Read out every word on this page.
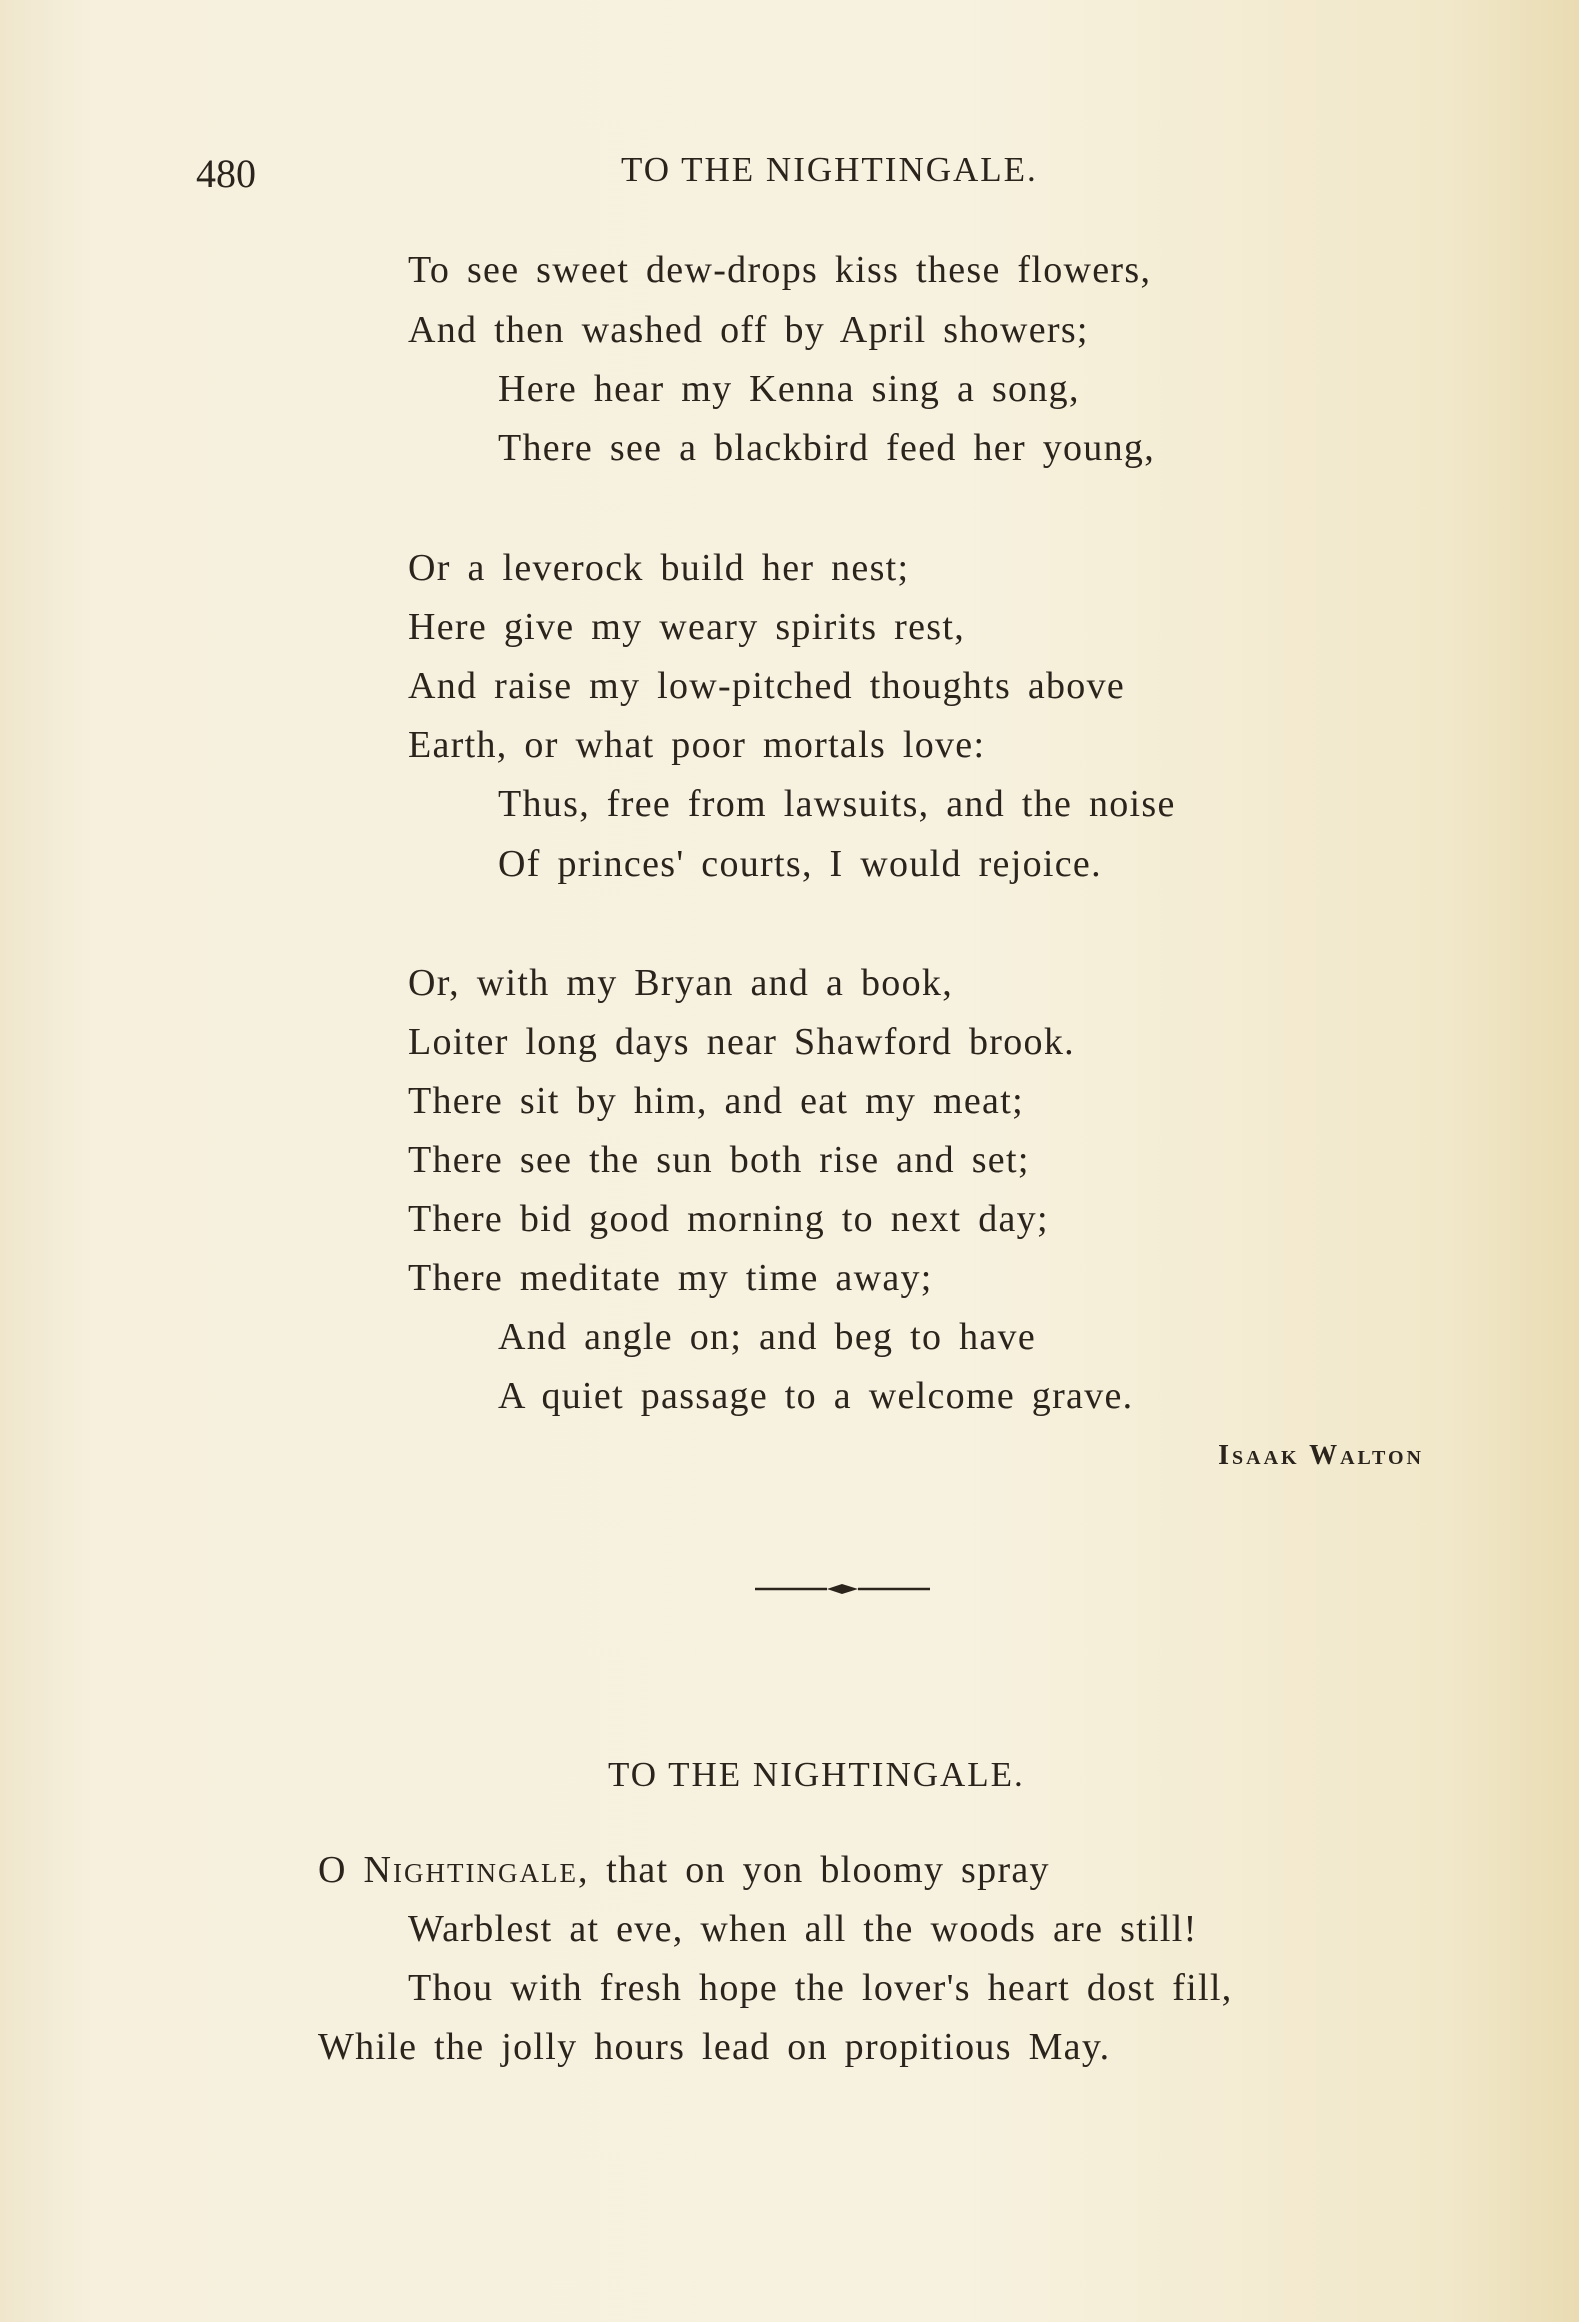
480	TO THE NIGHTINGALE.
To see sweet dew-drops kiss these flowers,
And then washed off by April showers;
Here hear my Kenna sing a song,
There see a blackbird feed her young,
Or a leverock build her nest;
Here give my weary spirits rest,
And raise my low-pitched thoughts above
Earth, or what poor mortals love:
Thus, free from lawsuits, and the noise
Of princes' courts, I would rejoice.
Or, with my Bryan and a book,
Loiter long days near Shawford brook.
There sit by him, and eat my meat;
There see the sun both rise and set;
There bid good morning to next day;
There meditate my time away;
And angle on; and beg to have
A quiet passage to a welcome grave.
Isaak Walton
TO THE NIGHTINGALE.
O Nightingale, that on yon bloomy spray
Warblest at eve, when all the woods are still!
Thou with fresh hope the lover's heart dost fill,
While the jolly hours lead on propitious May.
